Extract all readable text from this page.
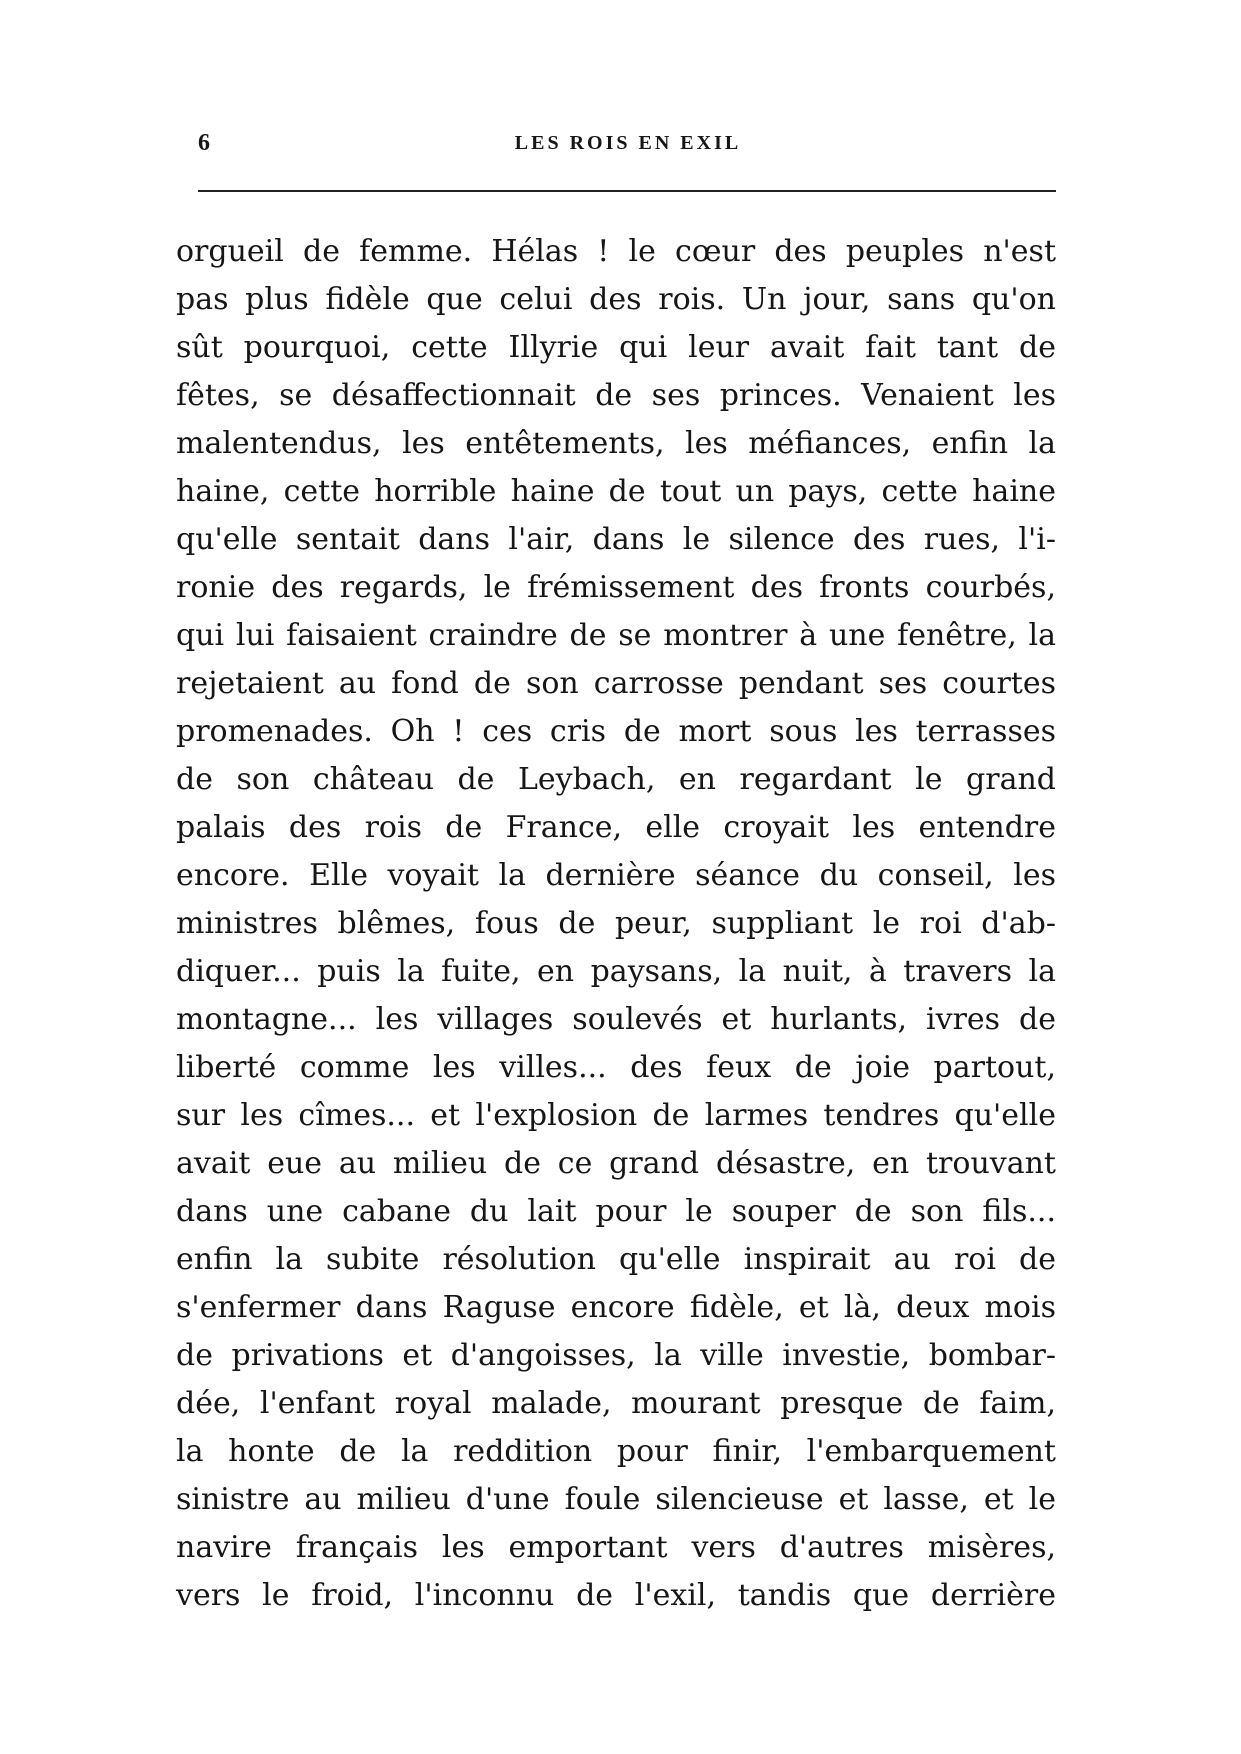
6	LES ROIS EN EXIL
orgueil de femme. Hélas ! le cœur des peuples n'est
pas plus fidèle que celui des rois. Un jour, sans qu'on
sût pourquoi, cette Illyrie qui leur avait fait tant de
fêtes, se désaffectionnait de ses princes. Venaient les
malentendus, les entêtements, les méfiances, enfin la
haine, cette horrible haine de tout un pays, cette haine
qu'elle sentait dans l'air, dans le silence des rues, l'i-
ronie des regards, le frémissement des fronts courbés,
qui lui faisaient craindre de se montrer à une fenêtre, la
rejetaient au fond de son carrosse pendant ses courtes
promenades. Oh ! ces cris de mort sous les terrasses
de son château de Leybach, en regardant le grand
palais des rois de France, elle croyait les entendre
encore. Elle voyait la dernière séance du conseil, les
ministres blêmes, fous de peur, suppliant le roi d'ab-
diquer... puis la fuite, en paysans, la nuit, à travers la
montagne... les villages soulevés et hurlants, ivres de
liberté comme les villes... des feux de joie partout,
sur les cîmes... et l'explosion de larmes tendres qu'elle
avait eue au milieu de ce grand désastre, en trouvant
dans une cabane du lait pour le souper de son fils...
enfin la subite résolution qu'elle inspirait au roi de
s'enfermer dans Raguse encore fidèle, et là, deux mois
de privations et d'angoisses, la ville investie, bombar-
dée, l'enfant royal malade, mourant presque de faim,
la honte de la reddition pour finir, l'embarquement
sinistre au milieu d'une foule silencieuse et lasse, et le
navire français les emportant vers d'autres misères,
vers le froid, l'inconnu de l'exil, tandis que derrière
